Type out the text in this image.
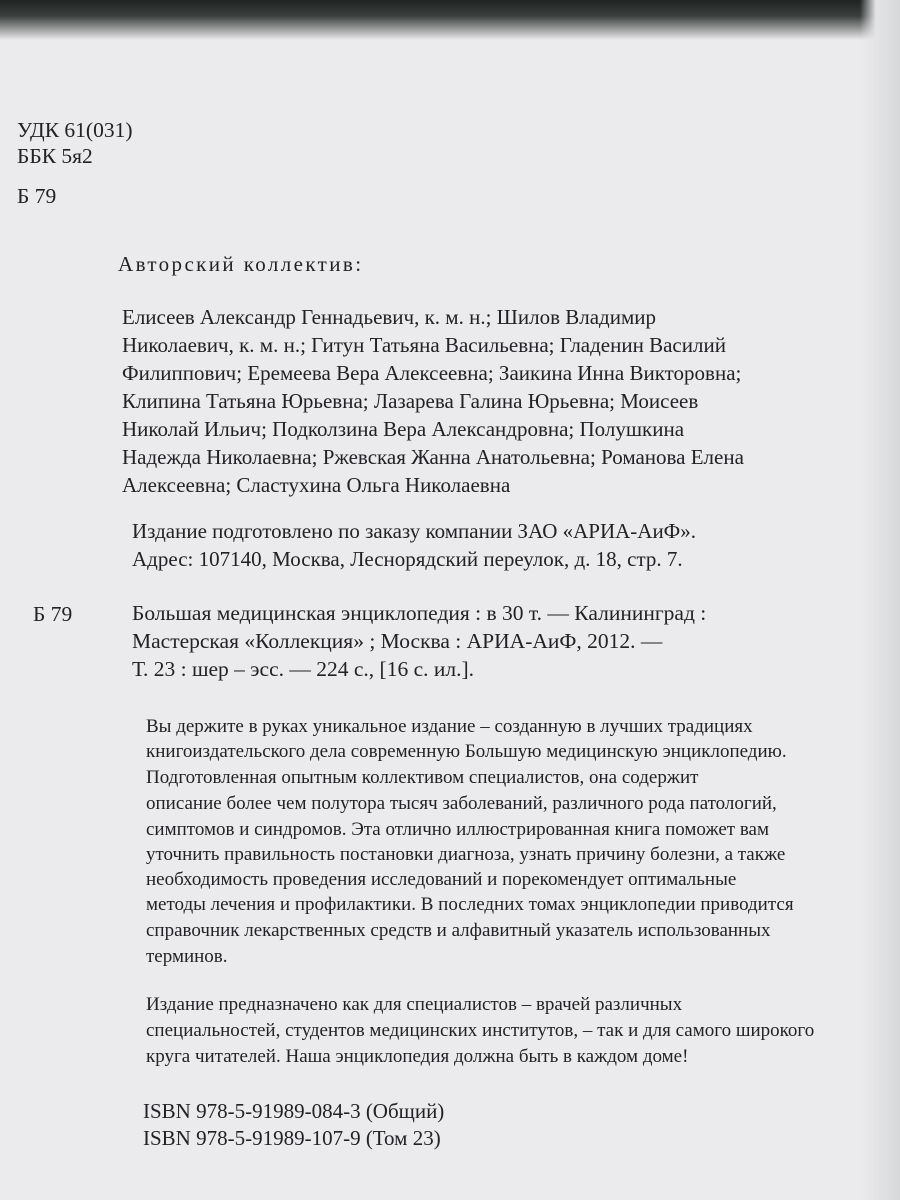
УДК 61(031)
ББК 5я2
Б 79
Авторский коллектив:
Елисеев Александр Геннадьевич, к. м. н.; Шилов Владимир
Николаевич, к. м. н.; Гитун Татьяна Васильевна; Гладенин Василий
Филиппович; Еремеева Вера Алексеевна; Заикина Инна Викторовна;
Клипина Татьяна Юрьевна; Лазарева Галина Юрьевна; Моисеев
Николай Ильич; Подколзина Вера Александровна; Полушкина
Надежда Николаевна; Ржевская Жанна Анатольевна; Романова Елена
Алексеевна; Сластухина Ольга Николаевна
Издание подготовлено по заказу компании ЗАО «АРИА-АиФ».
Адрес: 107140, Москва, Леснорядский переулок, д. 18, стр. 7.
Б 79	Большая медицинская энциклопедия : в 30 т. — Калининград :
Мастерская «Коллекция» ; Москва : АРИА-АиФ, 2012. —
Т. 23 : шер – эсс. — 224 с., [16 с. ил.].
Вы держите в руках уникальное издание – созданную в лучших традициях
книгоиздательского дела современную Большую медицинскую энциклопедию.
Подготовленная опытным коллективом специалистов, она содержит
описание более чем полутора тысяч заболеваний, различного рода патологий,
симптомов и синдромов. Эта отлично иллюстрированная книга поможет вам
уточнить правильность постановки диагноза, узнать причину болезни, а также
необходимость проведения исследований и порекомендует оптимальные
методы лечения и профилактики. В последних томах энциклопедии приводится
справочник лекарственных средств и алфавитный указатель использованных
терминов.
Издание предназначено как для специалистов – врачей различных
специальностей, студентов медицинских институтов, – так и для самого широкого
круга читателей. Наша энциклопедия должна быть в каждом доме!
ISBN 978-5-91989-084-3 (Общий)
ISBN 978-5-91989-107-9 (Том 23)
